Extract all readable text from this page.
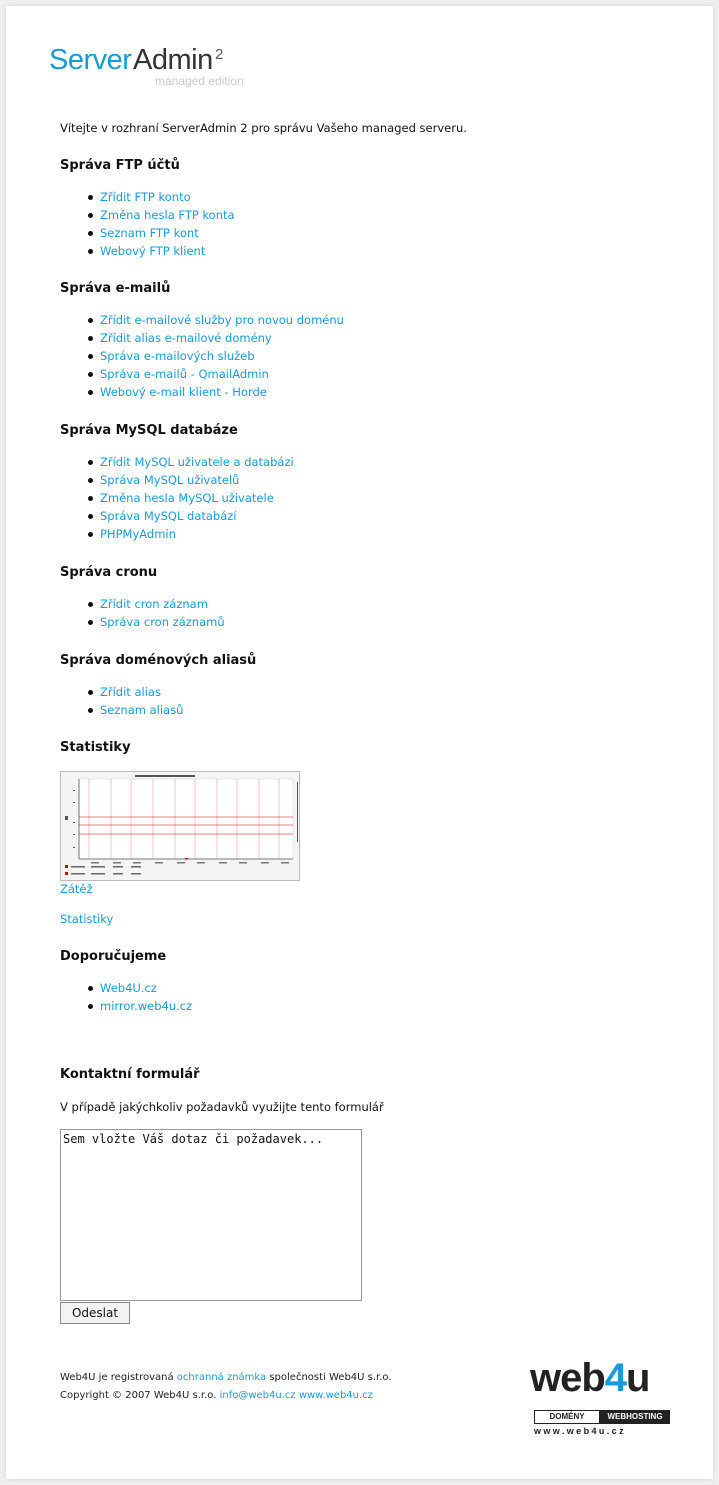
Server Admin 2
managed edition
Vítejte v rozhraní ServerAdmin 2 pro správu Vašeho managed serveru.
Správa FTP účtů
Zřídit FTP konto
Změna hesla FTP konta
Seznam FTP kont
Webový FTP klient
Správa e-mailů
Zřídit e-mailové služby pro novou doménu
Zřídit alias e-mailové domény
Správa e-mailových služeb
Správa e-mailů - QmailAdmin
Webový e-mail klient - Horde
Správa MySQL databáze
Zřídit MySQL uživatele a databázi
Správa MySQL uživatelů
Změna hesla MySQL uživatele
Správa MySQL databází
PHPMyAdmin
Správa cronu
Zřídit cron záznam
Správa cron záznamů
Správa doménových aliasů
Zřídit alias
Seznam aliasů
Statistiky
Zátěž
Statistiky
Doporučujeme
Web4U.cz
mirror.web4u.cz
Kontaktní formulář
V případě jakýchkoliv požadavků využijte tento formulář
Sem vložte Váš dotaz či požadavek...
Odeslat
Web4U je registrovaná ochranná známka společnosti Web4U s.r.o.
Copyright © 2007 Web4U s.r.o. info@web4u.cz www.web4u.cz	web4u
DOMÉNY	WEBHOSTING
www.web4u.cz
